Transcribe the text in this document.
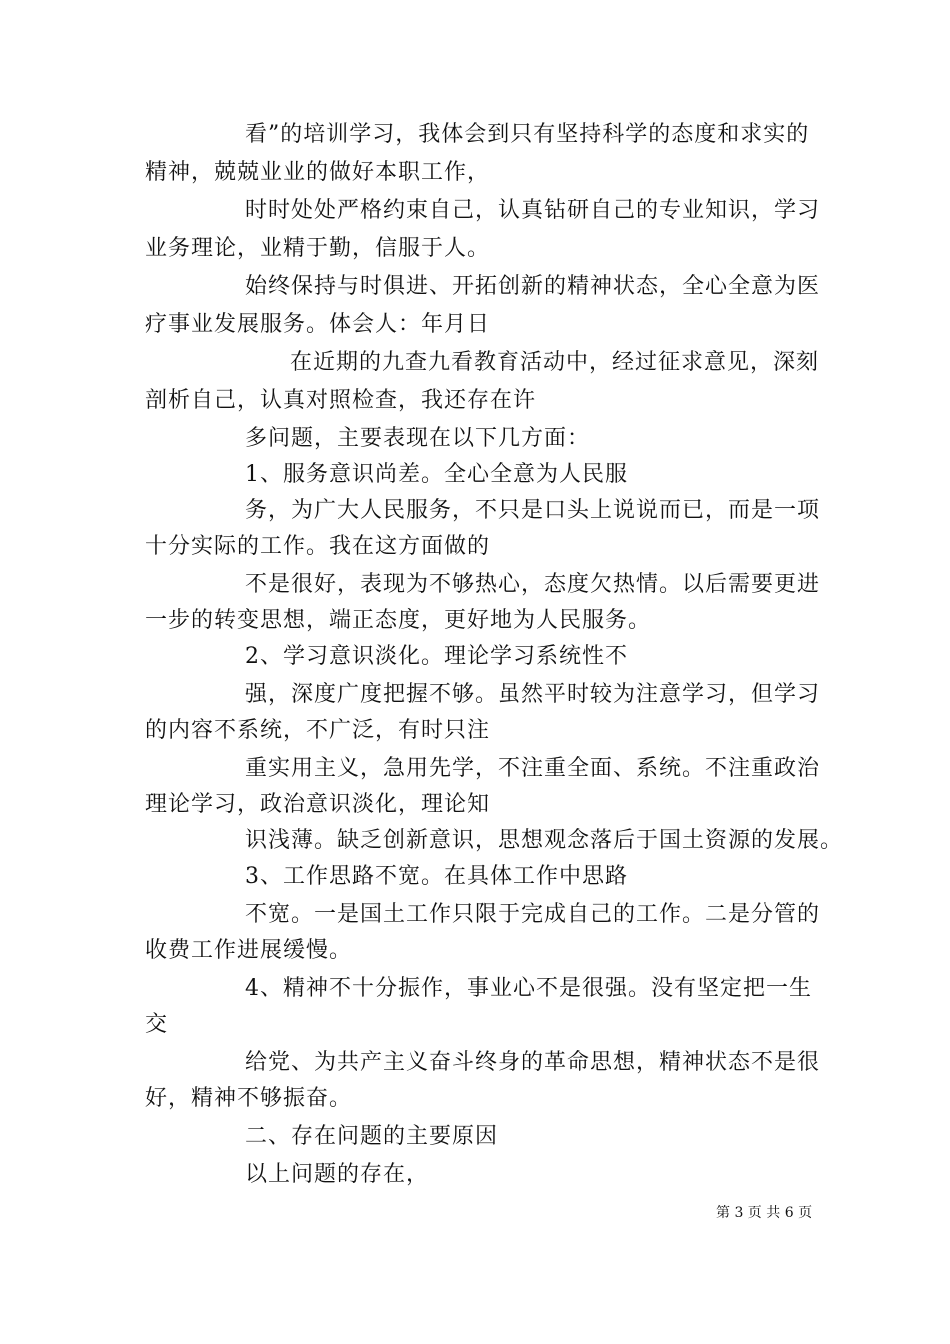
看”的培训学习，我体会到只有坚持科学的态度和求实的
精神，兢兢业业的做好本职工作，
时时处处严格约束自己，认真钻研自己的专业知识，学习
业务理论，业精于勤，信服于人。
始终保持与时俱进、开拓创新的精神状态，全心全意为医
疗事业发展服务。体会人：年月日
在近期的九查九看教育活动中，经过征求意见，深刻
剖析自己，认真对照检查，我还存在许
多问题，主要表现在以下几方面：
1、服务意识尚差。全心全意为人民服
务，为广大人民服务，不只是口头上说说而已，而是一项
十分实际的工作。我在这方面做的
不是很好，表现为不够热心，态度欠热情。以后需要更进
一步的转变思想，端正态度，更好地为人民服务。
2、学习意识淡化。理论学习系统性不
强，深度广度把握不够。虽然平时较为注意学习，但学习
的内容不系统，不广泛，有时只注
重实用主义，急用先学，不注重全面、系统。不注重政治
理论学习，政治意识淡化，理论知
识浅薄。缺乏创新意识，思想观念落后于国土资源的发展。
3、工作思路不宽。在具体工作中思路
不宽。一是国土工作只限于完成自己的工作。二是分管的
收费工作进展缓慢。
4、精神不十分振作，事业心不是很强。没有坚定把一生
交
给党、为共产主义奋斗终身的革命思想，精神状态不是很
好，精神不够振奋。
二、存在问题的主要原因
以上问题的存在，
第 3 页 共 6 页
